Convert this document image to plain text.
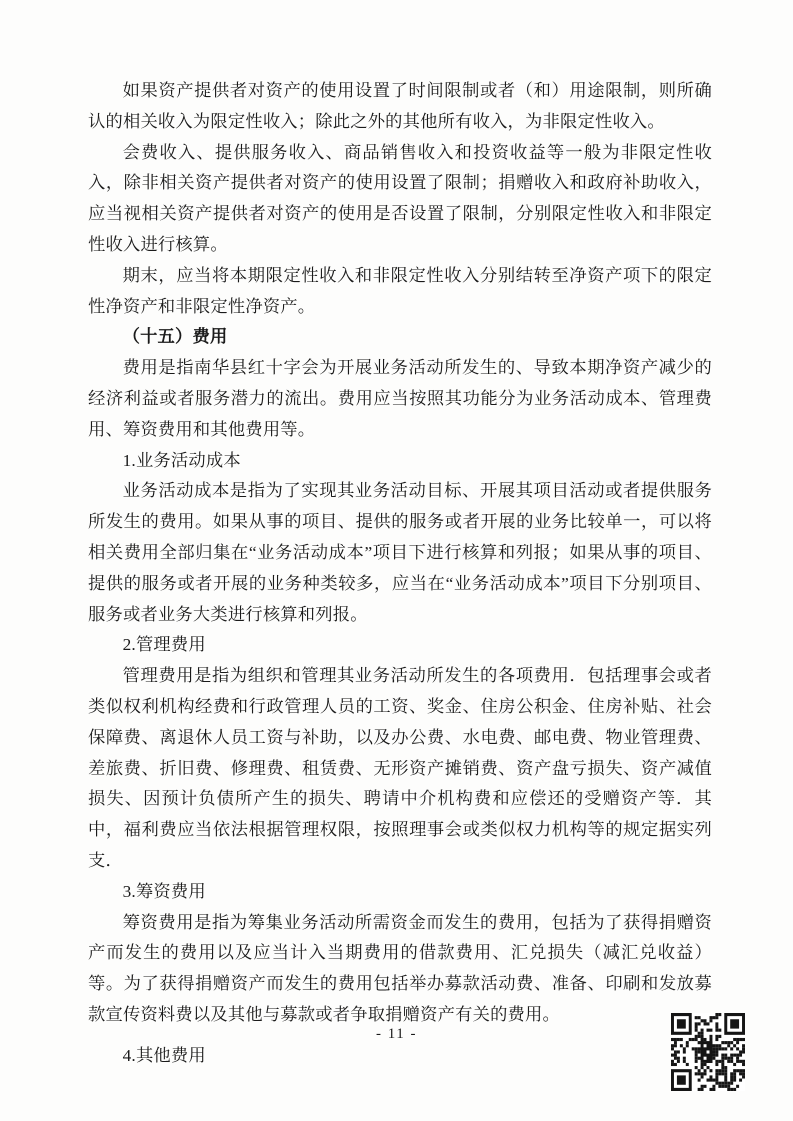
如果资产提供者对资产的使用设置了时间限制或者（和）用途限制，则所确认的相关收入为限定性收入；除此之外的其他所有收入，为非限定性收入。

会费收入、提供服务收入、商品销售收入和投资收益等一般为非限定性收入，除非相关资产提供者对资产的使用设置了限制；捐赠收入和政府补助收入，应当视相关资产提供者对资产的使用是否设置了限制，分别限定性收入和非限定性收入进行核算。

期末，应当将本期限定性收入和非限定性收入分别结转至净资产项下的限定性净资产和非限定性净资产。

（十五）费用

费用是指南华县红十字会为开展业务活动所发生的、导致本期净资产减少的经济利益或者服务潜力的流出。费用应当按照其功能分为业务活动成本、管理费用、筹资费用和其他费用等。

1.业务活动成本

业务活动成本是指为了实现其业务活动目标、开展其项目活动或者提供服务所发生的费用。如果从事的项目、提供的服务或者开展的业务比较单一，可以将相关费用全部归集在“业务活动成本”项目下进行核算和列报；如果从事的项目、提供的服务或者开展的业务种类较多，应当在“业务活动成本”项目下分别项目、服务或者业务大类进行核算和列报。

2.管理费用

管理费用是指为组织和管理其业务活动所发生的各项费用．包括理事会或者类似权利机构经费和行政管理人员的工资、奖金、住房公积金、住房补贴、社会保障费、离退休人员工资与补助，以及办公费、水电费、邮电费、物业管理费、差旅费、折旧费、修理费、租赁费、无形资产摊销费、资产盘亏损失、资产减值损失、因预计负债所产生的损失、聘请中介机构费和应偿还的受赠资产等．其中，福利费应当依法根据管理权限，按照理事会或类似权力机构等的规定据实列支．

3.筹资费用

筹资费用是指为筹集业务活动所需资金而发生的费用，包括为了获得捐赠资产而发生的费用以及应当计入当期费用的借款费用、汇兑损失（减汇兑收益）等。为了获得捐赠资产而发生的费用包括举办募款活动费、准备、印刷和发放募款宣传资料费以及其他与募款或者争取捐赠资产有关的费用。

4.其他费用

- 11 -
